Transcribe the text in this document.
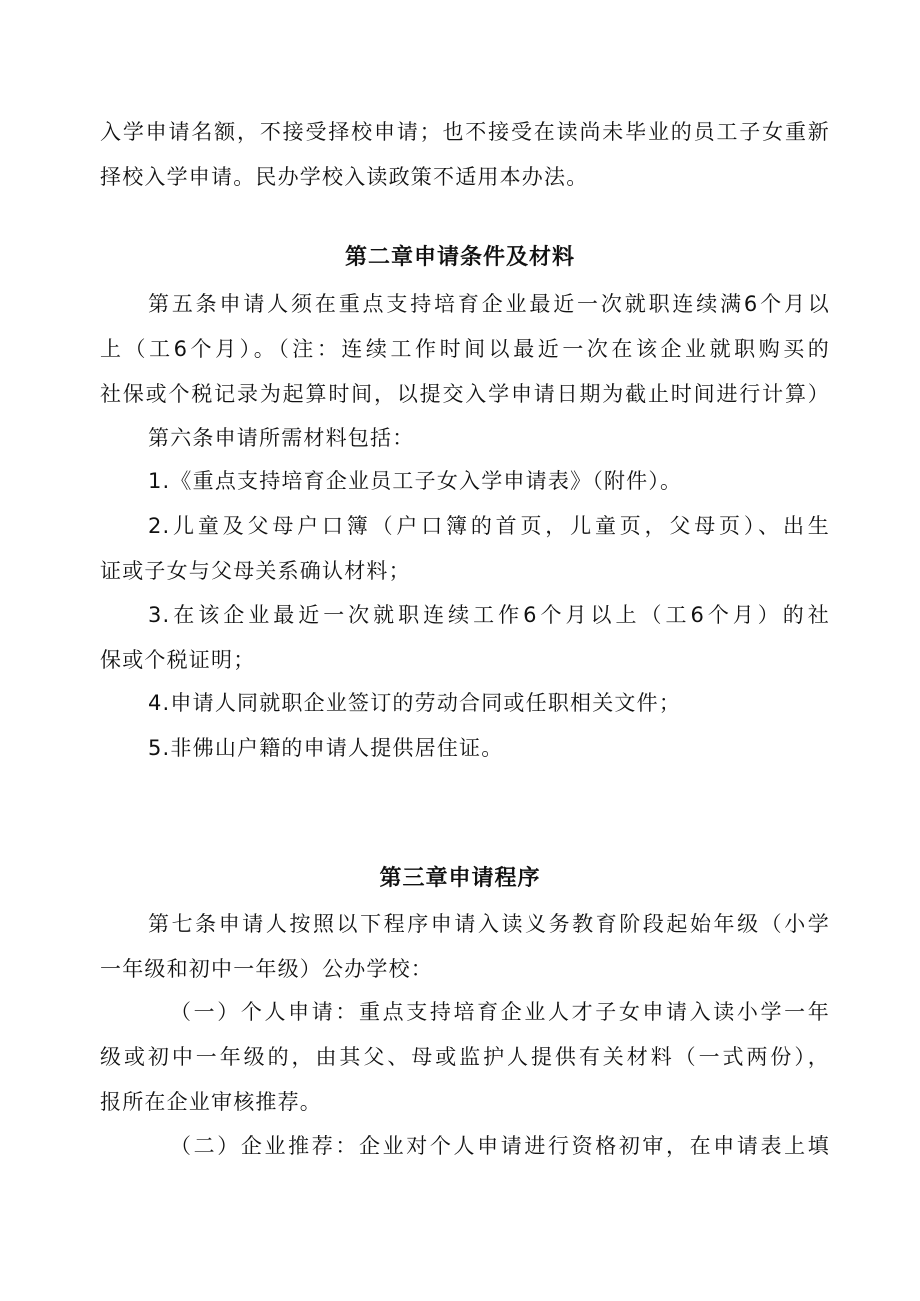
入学申请名额，不接受择校申请；也不接受在读尚未毕业的员工子女重新
择校入学申请。民办学校入读政策不适用本办法。
第二章申请条件及材料
第五条申请人须在重点支持培育企业最近一次就职连续满6个月以
上（工6个月）。（注：连续工作时间以最近一次在该企业就职购买的
社保或个税记录为起算时间，以提交入学申请日期为截止时间进行计算）
第六条申请所需材料包括：
1.《重点支持培育企业员工子女入学申请表》（附件）。
2.儿童及父母户口簿（户口簿的首页，儿童页，父母页）、出生
证或子女与父母关系确认材料；
3.在该企业最近一次就职连续工作6个月以上（工6个月）的社
保或个税证明；
4.申请人同就职企业签订的劳动合同或任职相关文件；
5.非佛山户籍的申请人提供居住证。
第三章申请程序
第七条申请人按照以下程序申请入读义务教育阶段起始年级（小学
一年级和初中一年级）公办学校：
（一）个人申请：重点支持培育企业人才子女申请入读小学一年
级或初中一年级的，由其父、母或监护人提供有关材料（一式两份），
报所在企业审核推荐。
（二）企业推荐：企业对个人申请进行资格初审，在申请表上填
